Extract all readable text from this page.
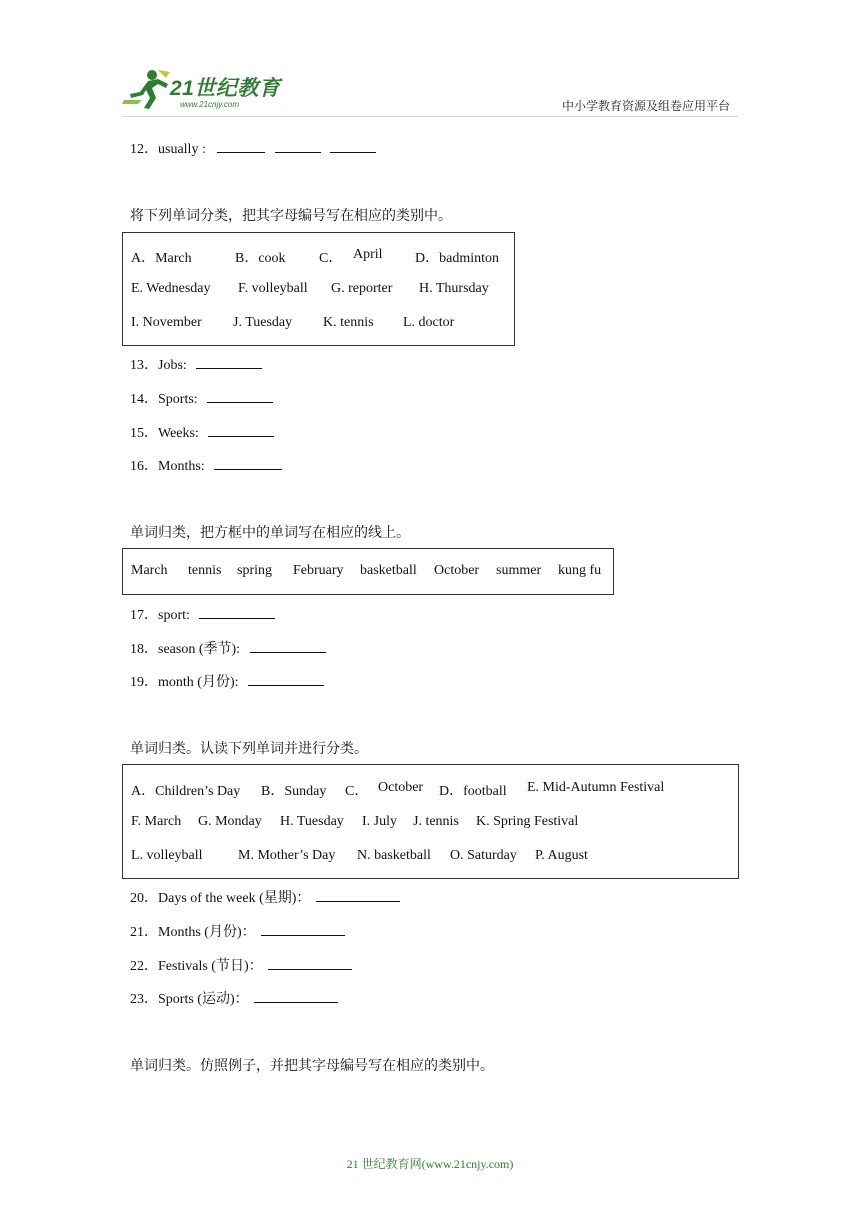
21世纪教育
www.21cnjy.com	中小学教育资源及组卷应用平台
12．usually :
将下列单词分类，把其字母编号写在相应的类别中。
A．March	B．cook C． April D．badminton
E. Wednesday F. volleyball G. reporter H. Thursday
I. November J. Tuesday K. tennis L. doctor
13．Jobs:
14．Sports:
15．Weeks:
16．Months:
单词归类，把方框中的单词写在相应的线上。
March tennis spring February basketball October summer kung fu
17．sport:
18．season (季节):
19．month (月份):
单词归类。认读下列单词并进行分类。
A．Children’s Day B．Sunday C． October D．football E. Mid-Autumn Festival
F. March G. Monday H. Tuesday I. July J. tennis K. Spring Festival
L. volleyball	M. Mother’s Day N. basketball O. Saturday P. August
20．Days of the week (星期)：
21．Months (月份)：
22．Festivals (节日)：
23．Sports (运动)：
单词归类。仿照例子，并把其字母编号写在相应的类别中。
21 世纪教育网(www.21cnjy.com)
